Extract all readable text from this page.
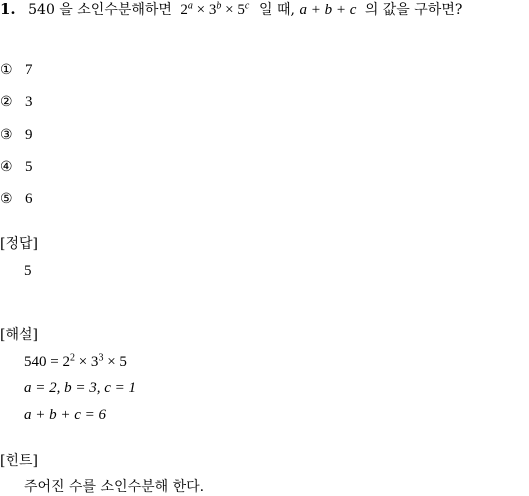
1. 540 을 소인수분해하면 $2^a \times 3^b \times 5^c$ 일 때, a + b + c 의 값을 구하면?
① 7
② 3
③ 9
④ 5
⑤ 6
[정답]
5
[해설]
$540 = 2^2 \times 3^3 \times 5$
a = 2, b = 3, c = 1
a + b + c = 6
[힌트]
주어진 수를 소인수분해 한다.
